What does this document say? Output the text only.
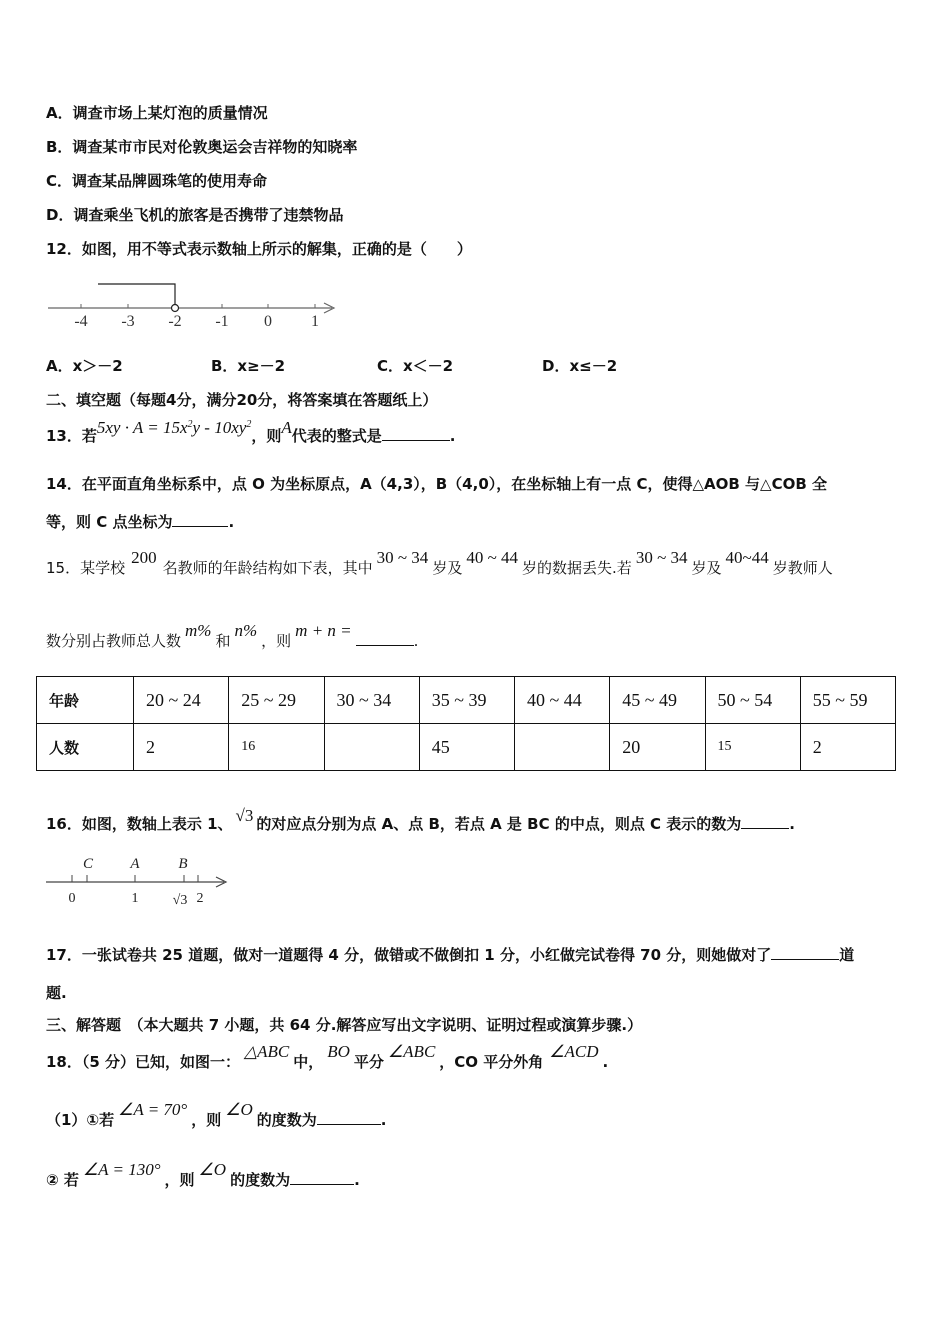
A．调查市场上某灯泡的质量情况
B．调查某市市民对伦敦奥运会吉祥物的知晓率
C．调查某品牌圆珠笔的使用寿命
D．调查乘坐飞机的旅客是否携带了违禁物品
12．如图，用不等式表示数轴上所示的解集，正确的是（　　）
-4 -3 -2 -1 0 1
A．x＞－2	B．x≥－2	C．x＜－2	D．x≤－2
二、填空题（每题4分，满分20分，将答案填在答题纸上）
13．若$5xy \cdot A = 15x^2y - 10xy^2$，则A代表的整式是	.
14．在平面直角坐标系中，点 O 为坐标原点，A（4,3），B（4,0），在坐标轴上有一点 C，使得△AOB 与△COB 全
等，则 C 点坐标为	.
15．某学校200名教师的年龄结构如下表，其中30 ~ 34岁及40 ~ 44岁的数据丢失.若30 ~ 34岁及40~44岁教师人
数分别占教师总人数m%和n%，则m + n =.
年龄	20 ~ 24	25 ~ 29	30 ~ 34	35 ~ 39	40 ~ 44	45 ~ 49	50 ~ 54	55 ~ 59
人数	2	16		45		20	15	2
16．如图，数轴上表示 1、 √3 的对应点分别为点 A、点 B，若点 A 是 BC 的中点，则点 C 表示的数为	.
C A	B
0	1 √3 2
17．一张试卷共 25 道题，做对一道题得 4 分，做错或不做倒扣 1 分，小红做完试卷得 70 分，则她做对了	道
题.
三、解答题　（本大题共 7 小题，共 64 分.解答应写出文字说明、证明过程或演算步骤.）
18．（5 分）已知，如图一：△ABC中，BO平分∠ABC，CO 平分外角∠ACD.
（1）①若∠A = 70°，则∠O的度数为	.
② 若∠A = 130°，则∠O的度数为	.
